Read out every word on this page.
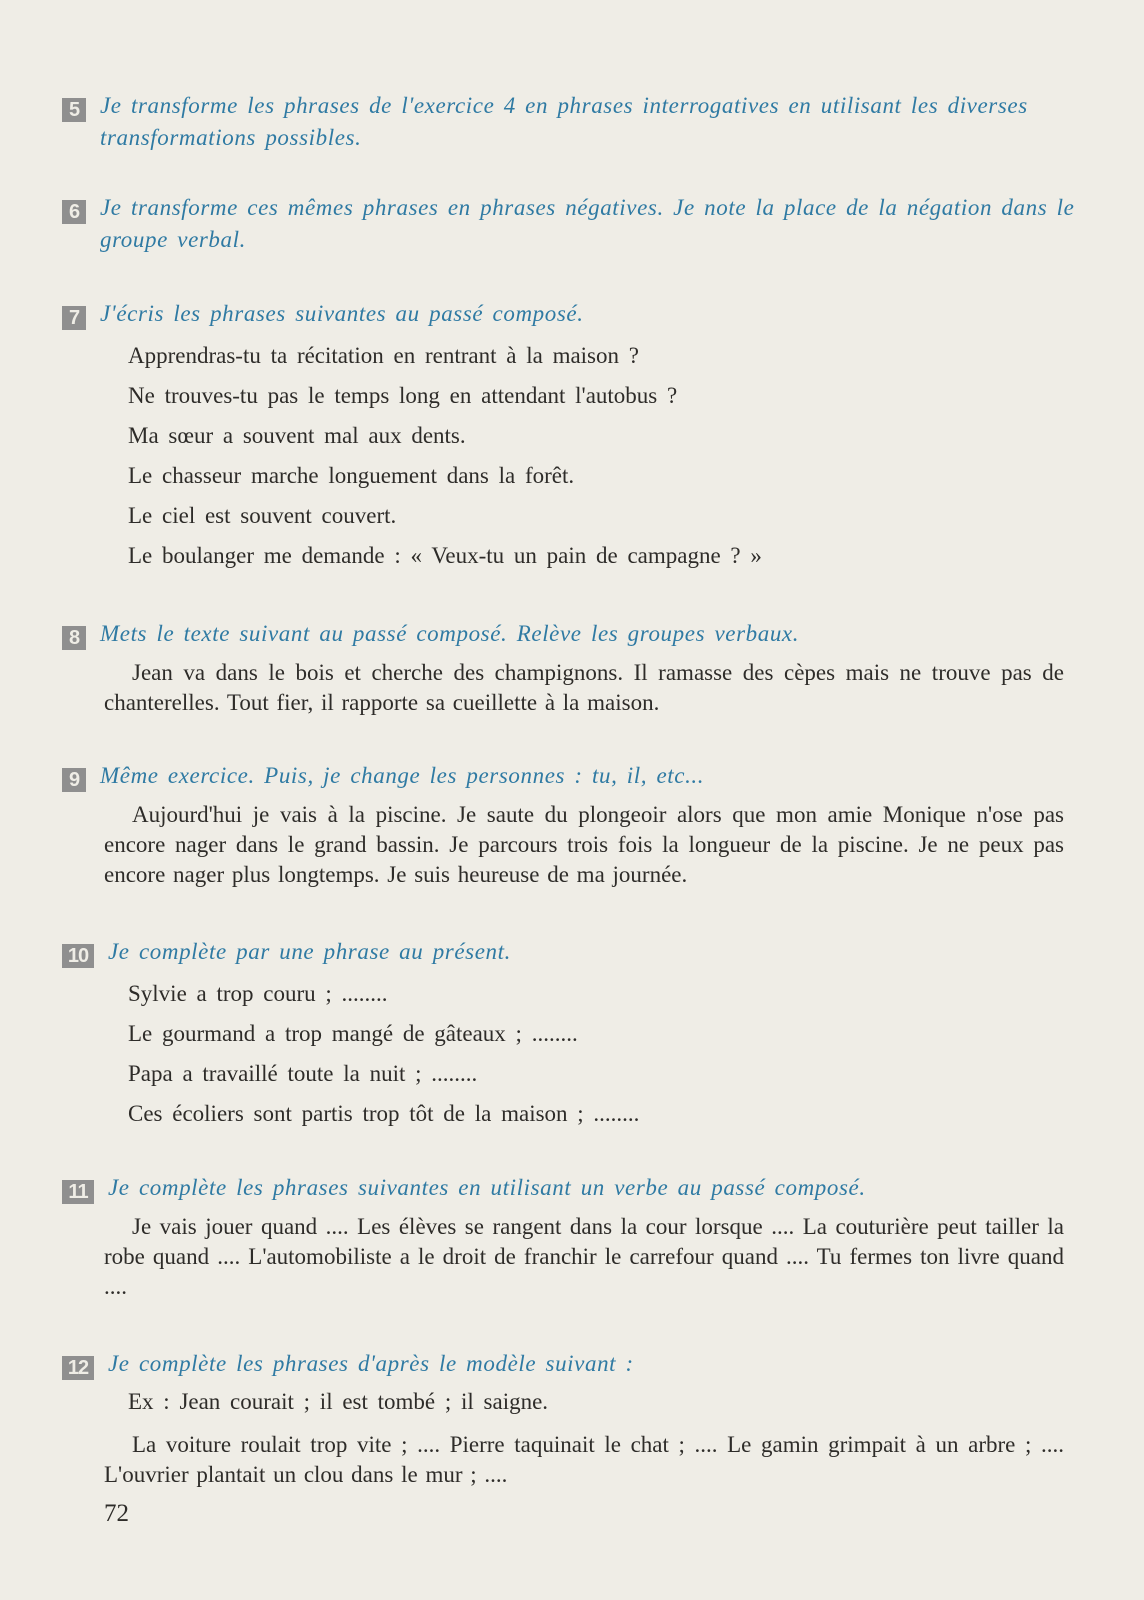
5 Je transforme les phrases de l'exercice 4 en phrases interrogatives en utilisant les diverses transformations possibles.
6 Je transforme ces mêmes phrases en phrases négatives. Je note la place de la négation dans le groupe verbal.
7 J'écris les phrases suivantes au passé composé.
Apprendras-tu ta récitation en rentrant à la maison ?
Ne trouves-tu pas le temps long en attendant l'autobus ?
Ma sœur a souvent mal aux dents.
Le chasseur marche longuement dans la forêt.
Le ciel est souvent couvert.
Le boulanger me demande : « Veux-tu un pain de campagne ? »
8 Mets le texte suivant au passé composé. Relève les groupes verbaux.
Jean va dans le bois et cherche des champignons. Il ramasse des cèpes mais ne trouve pas de chanterelles. Tout fier, il rapporte sa cueillette à la maison.
9 Même exercice. Puis, je change les personnes : tu, il, etc...
Aujourd'hui je vais à la piscine. Je saute du plongeoir alors que mon amie Monique n'ose pas encore nager dans le grand bassin. Je parcours trois fois la longueur de la piscine. Je ne peux pas encore nager plus longtemps. Je suis heureuse de ma journée.
10 Je complète par une phrase au présent.
Sylvie a trop couru ; ........
Le gourmand a trop mangé de gâteaux ; ........
Papa a travaillé toute la nuit ; ........
Ces écoliers sont partis trop tôt de la maison ; ........
11 Je complète les phrases suivantes en utilisant un verbe au passé composé.
Je vais jouer quand .... Les élèves se rangent dans la cour lorsque .... La couturière peut tailler la robe quand .... L'automobiliste a le droit de franchir le carrefour quand .... Tu fermes ton livre quand ....
12 Je complète les phrases d'après le modèle suivant :
Ex : Jean courait ; il est tombé ; il saigne.
La voiture roulait trop vite ; .... Pierre taquinait le chat ; .... Le gamin grimpait à un arbre ; .... L'ouvrier plantait un clou dans le mur ; ....
72
